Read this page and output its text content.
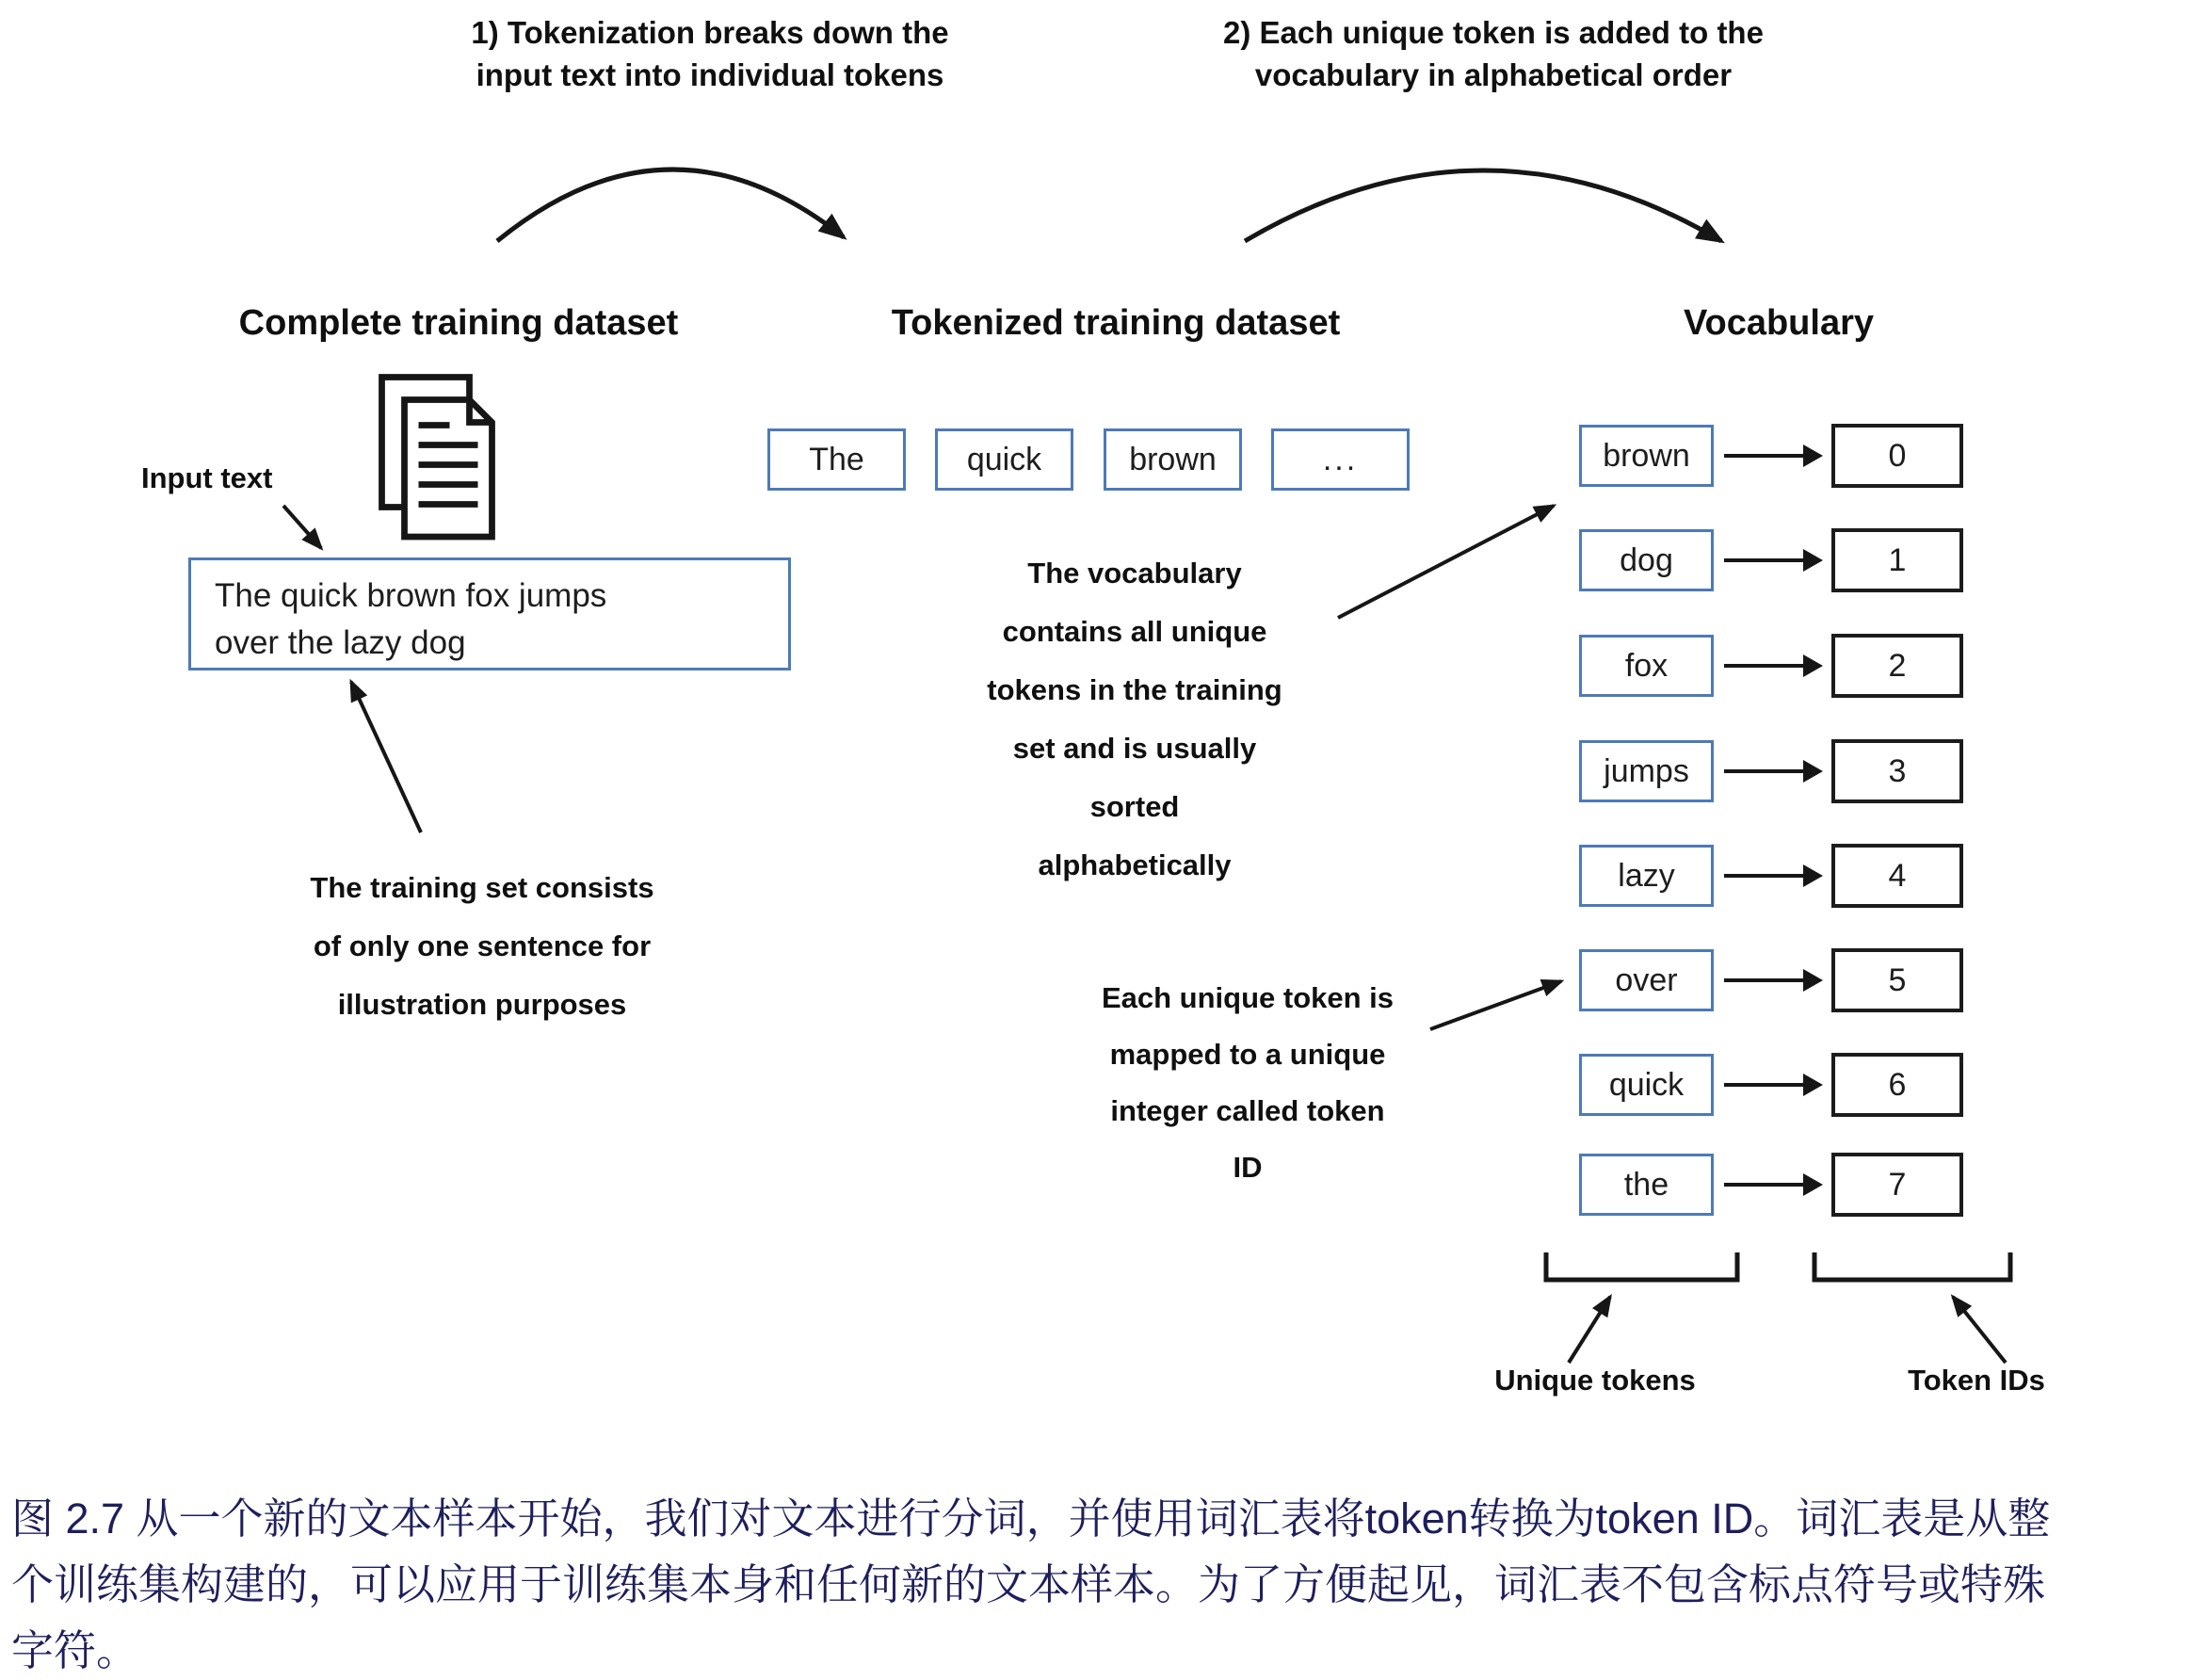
1) Tokenization breaks down the
input text into individual tokens
2) Each unique token is added to the
vocabulary in alphabetical order
Complete training dataset	Tokenized training dataset	Vocabulary
Input text
The quick brown fox jumps
over the lazy dog
The training set consists
of only one sentence for
illustration purposes
The	quick	brown	...
The vocabulary
contains all unique
tokens in the training
set and is usually
sorted
alphabetically
Each unique token is
mapped to a unique
integer called token
ID
brown	0
dog	1
fox	2
jumps	3
lazy	4
over	5
quick	6
the	7
Unique tokens	Token IDs
图 2.7 从一个新的文本样本开始，我们对文本进行分词，并使用词汇表将token转换为token ID。词汇表是从整
个训练集构建的，可以应用于训练集本身和任何新的文本样本。为了方便起见，词汇表不包含标点符号或特殊
字符。
